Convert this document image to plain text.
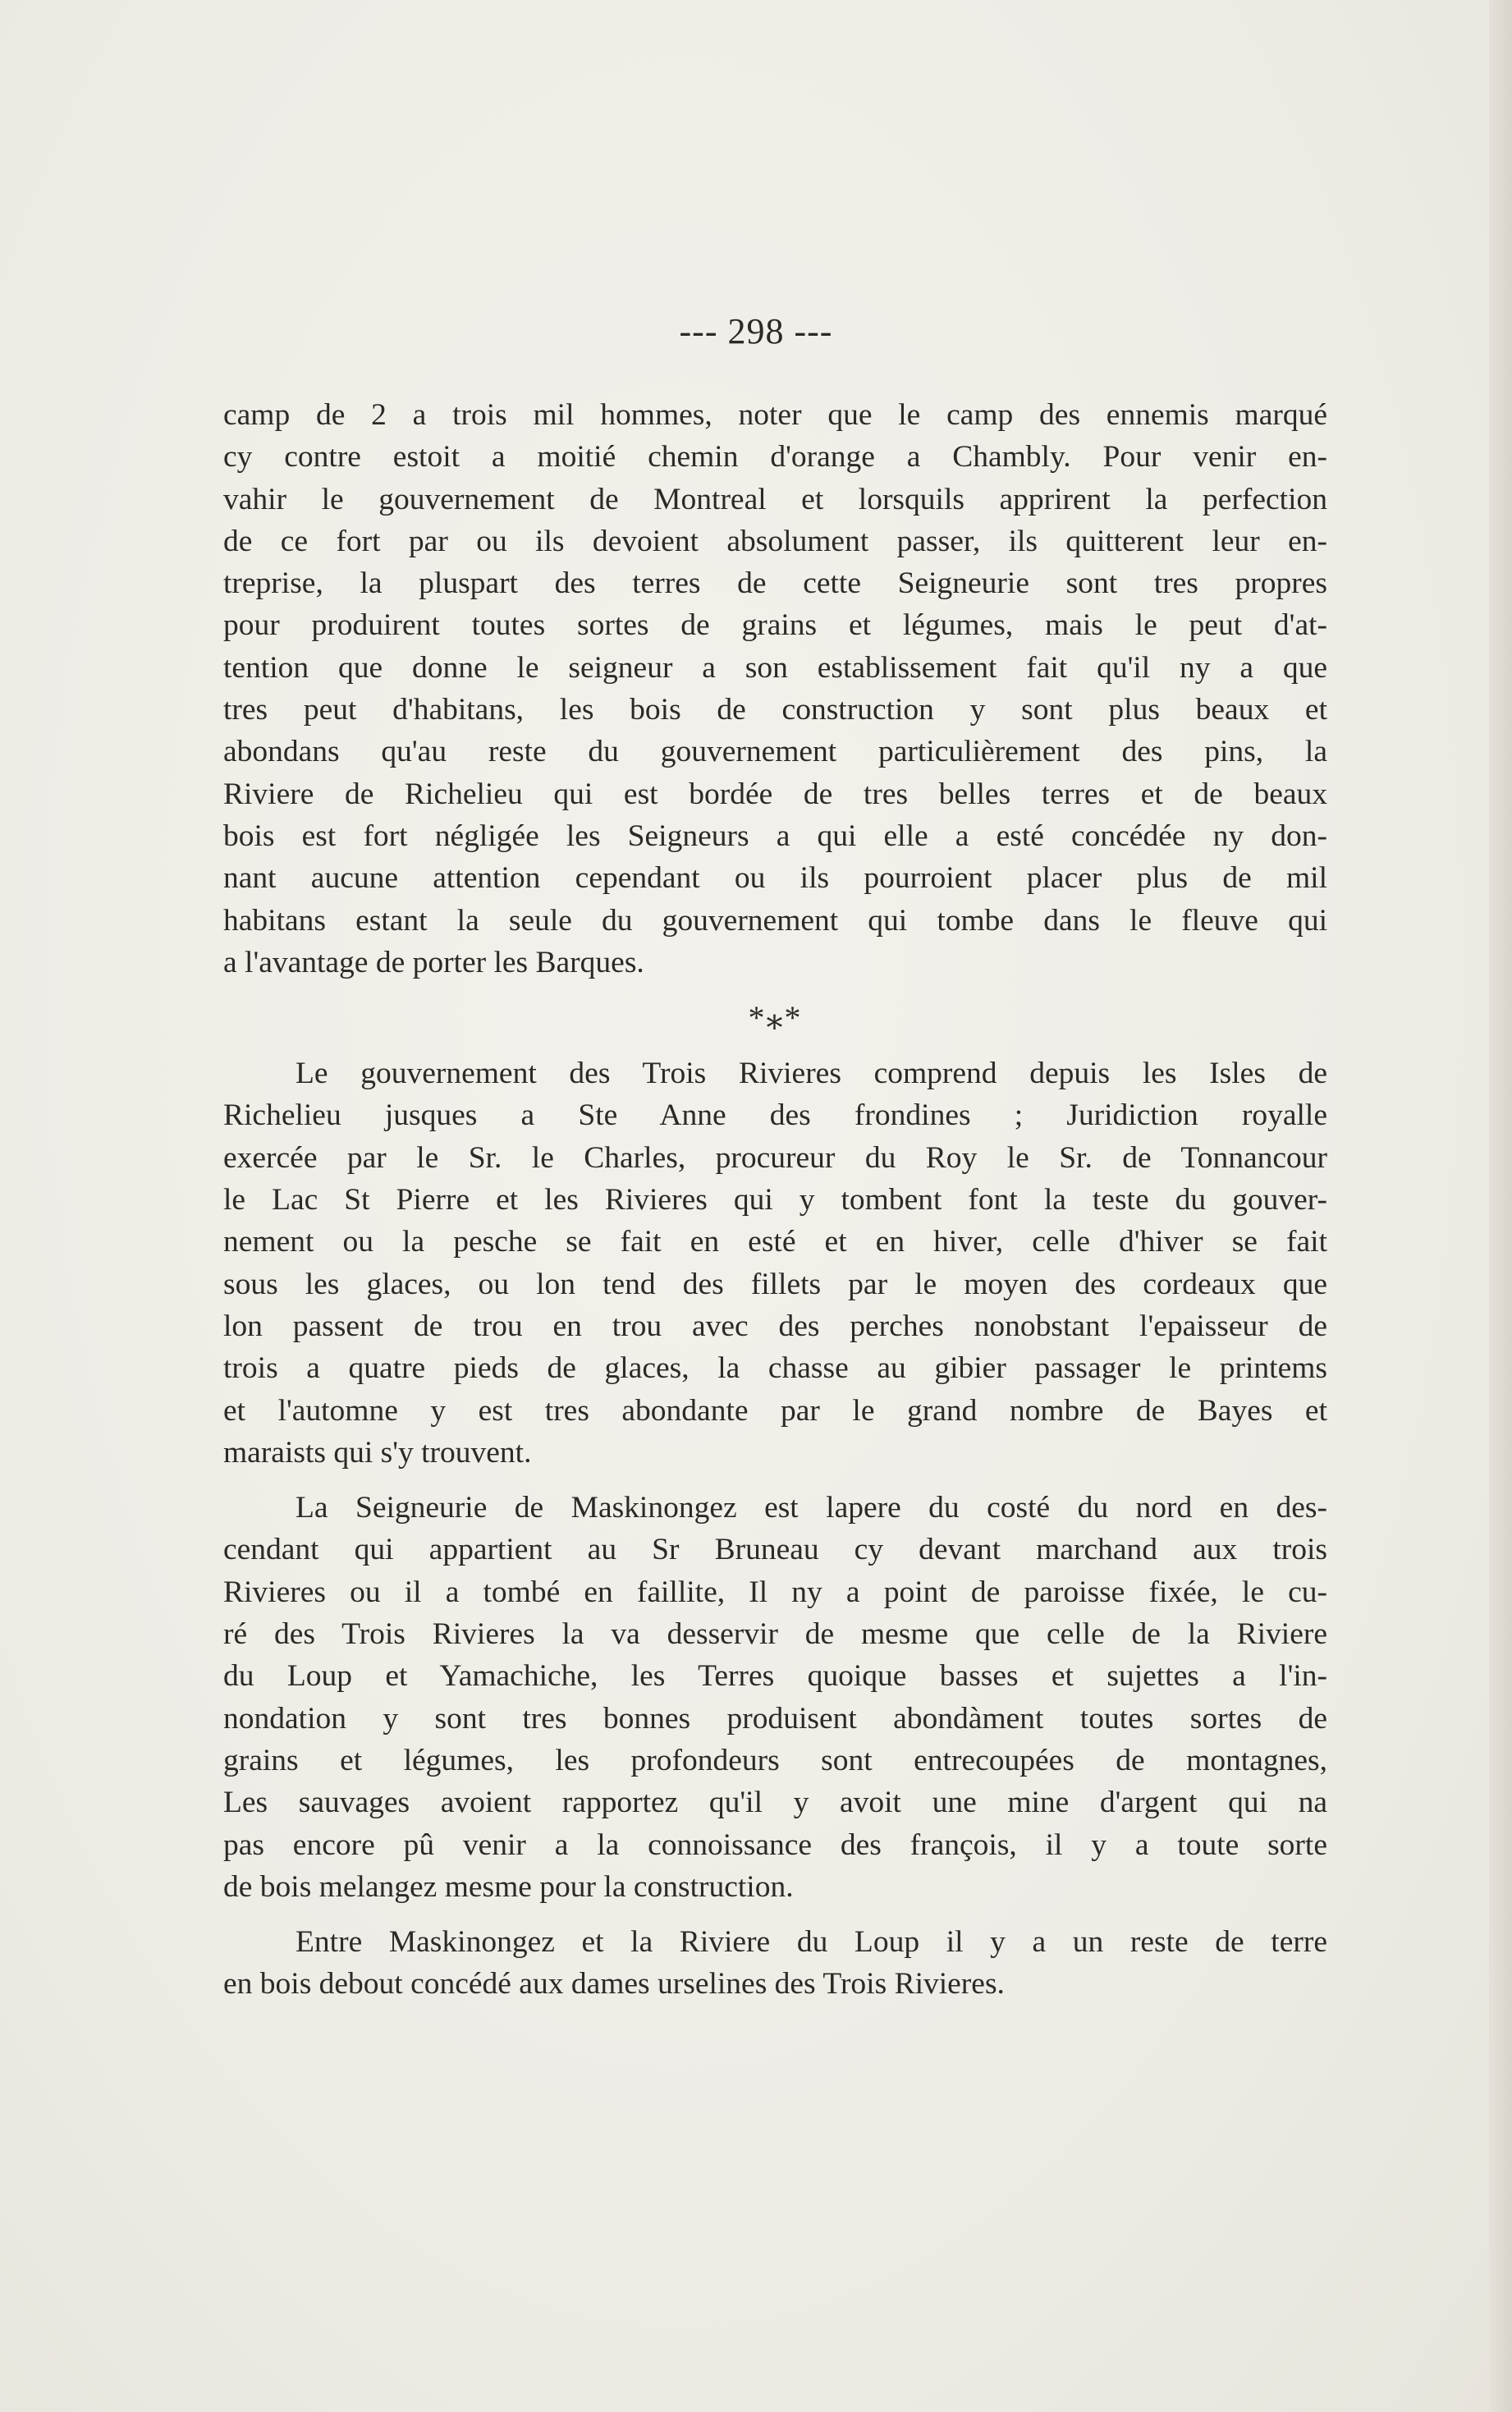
--- 298 ---
camp de 2 a trois mil hommes, noter que le camp des ennemis marqué
cy contre estoit a moitié chemin d'orange a Chambly. Pour venir en-
vahir le gouvernement de Montreal et lorsquils apprirent la perfection
de ce fort par ou ils devoient absolument passer, ils quitterent leur en-
treprise, la pluspart des terres de cette Seigneurie sont tres propres
pour produirent toutes sortes de grains et légumes, mais le peut d'at-
tention que donne le seigneur a son establissement fait qu'il ny a que
tres peut d'habitans, les bois de construction y sont plus beaux et
abondans qu'au reste du gouvernement particulièrement des pins, la
Riviere de Richelieu qui est bordée de tres belles terres et de beaux
bois est fort négligée les Seigneurs a qui elle a esté concédée ny don-
nant aucune attention cependant ou ils pourroient placer plus de mil
habitans estant la seule du gouvernement qui tombe dans le fleuve qui
a l'avantage de porter les Barques.
*⁎*
Le gouvernement des Trois Rivieres comprend depuis les Isles de
Richelieu jusques a Ste Anne des frondines ; Juridiction royalle
exercée par le Sr. le Charles, procureur du Roy le Sr. de Tonnancour
le Lac St Pierre et les Rivieres qui y tombent font la teste du gouver-
nement ou la pesche se fait en esté et en hiver, celle d'hiver se fait
sous les glaces, ou lon tend des fillets par le moyen des cordeaux que
lon passent de trou en trou avec des perches nonobstant l'epaisseur de
trois a quatre pieds de glaces, la chasse au gibier passager le printems
et l'automne y est tres abondante par le grand nombre de Bayes et
maraists qui s'y trouvent.
La Seigneurie de Maskinongez est lapere du costé du nord en des-
cendant qui appartient au Sr Bruneau cy devant marchand aux trois
Rivieres ou il a tombé en faillite, Il ny a point de paroisse fixée, le cu-
ré des Trois Rivieres la va desservir de mesme que celle de la Riviere
du Loup et Yamachiche, les Terres quoique basses et sujettes a l'in-
nondation y sont tres bonnes produisent abondàment toutes sortes de
grains et légumes, les profondeurs sont entrecoupées de montagnes,
Les sauvages avoient rapportez qu'il y avoit une mine d'argent qui na
pas encore pû venir a la connoissance des françois, il y a toute sorte
de bois melangez mesme pour la construction.
Entre Maskinongez et la Riviere du Loup il y a un reste de terre
en bois debout concédé aux dames urselines des Trois Rivieres.
